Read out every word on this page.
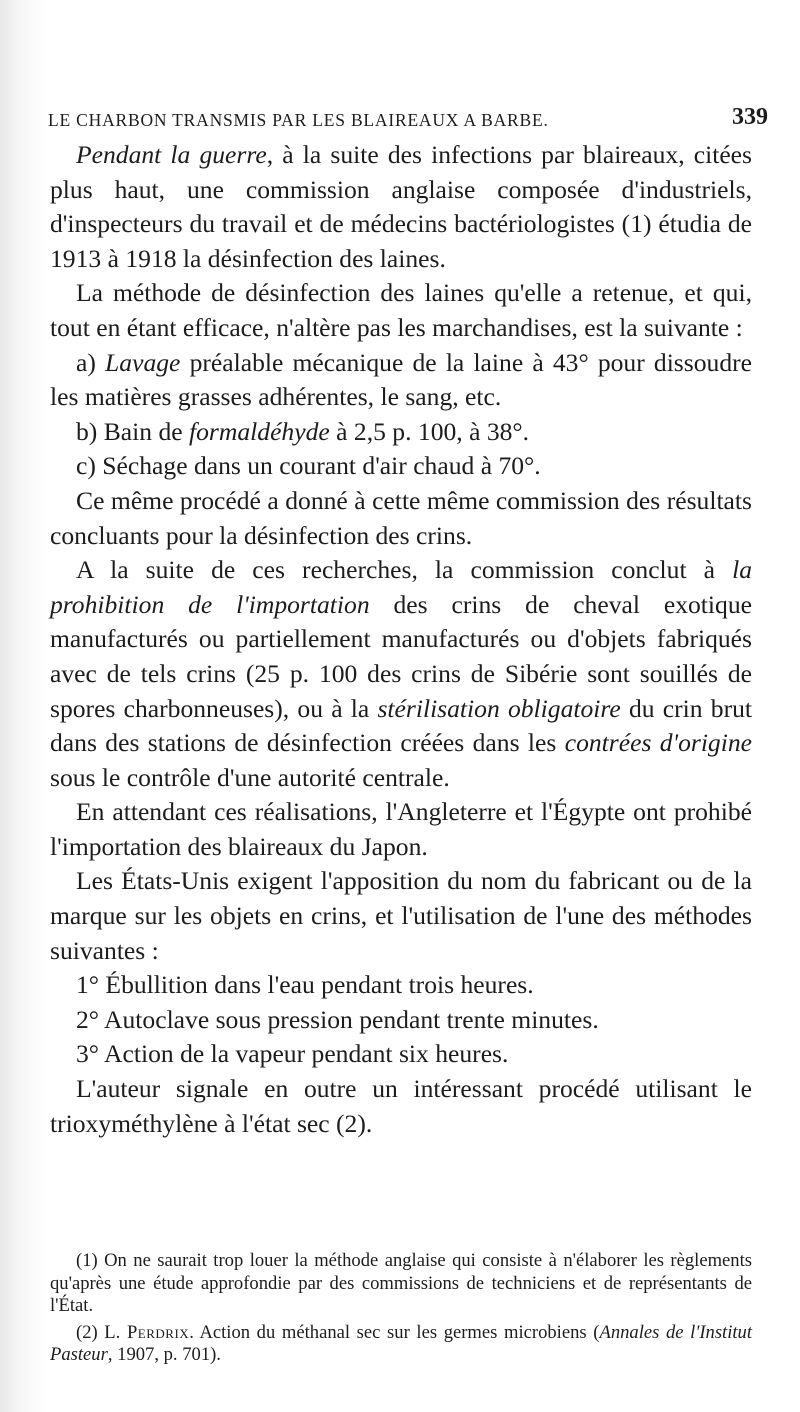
LE CHARBON TRANSMIS PAR LES BLAIREAUX A BARBE.	339

Pendant la guerre, à la suite des infections par blaireaux, citées plus haut, une commission anglaise composée d'industriels, d'inspecteurs du travail et de médecins bactériologistes (1) étudia de 1913 à 1918 la désinfection des laines.

La méthode de désinfection des laines qu'elle a retenue, et qui, tout en étant efficace, n'altère pas les marchandises, est la suivante :

a) Lavage préalable mécanique de la laine à 43° pour dissoudre les matières grasses adhérentes, le sang, etc.

b) Bain de formaldéhyde à 2,5 p. 100, à 38°.

c) Séchage dans un courant d'air chaud à 70°.

Ce même procédé a donné à cette même commission des résultats concluants pour la désinfection des crins.

A la suite de ces recherches, la commission conclut à la prohibition de l'importation des crins de cheval exotique manufacturés ou partiellement manufacturés ou d'objets fabriqués avec de tels crins (25 p. 100 des crins de Sibérie sont souillés de spores charbonneuses), ou à la stérilisation obligatoire du crin brut dans des stations de désinfection créées dans les contrées d'origine sous le contrôle d'une autorité centrale.

En attendant ces réalisations, l'Angleterre et l'Égypte ont prohibé l'importation des blaireaux du Japon.

Les États-Unis exigent l'apposition du nom du fabricant ou de la marque sur les objets en crins, et l'utilisation de l'une des méthodes suivantes :

1° Ébullition dans l'eau pendant trois heures.

2° Autoclave sous pression pendant trente minutes.

3° Action de la vapeur pendant six heures.

L'auteur signale en outre un intéressant procédé utilisant le trioxyméthylène à l'état sec (2).

(1) On ne saurait trop louer la méthode anglaise qui consiste à n'élaborer les règlements qu'après une étude approfondie par des commissions de techniciens et de représentants de l'État.

(2) L. Perdrix. Action du méthanal sec sur les germes microbiens (Annales de l'Institut Pasteur, 1907, p. 701).
